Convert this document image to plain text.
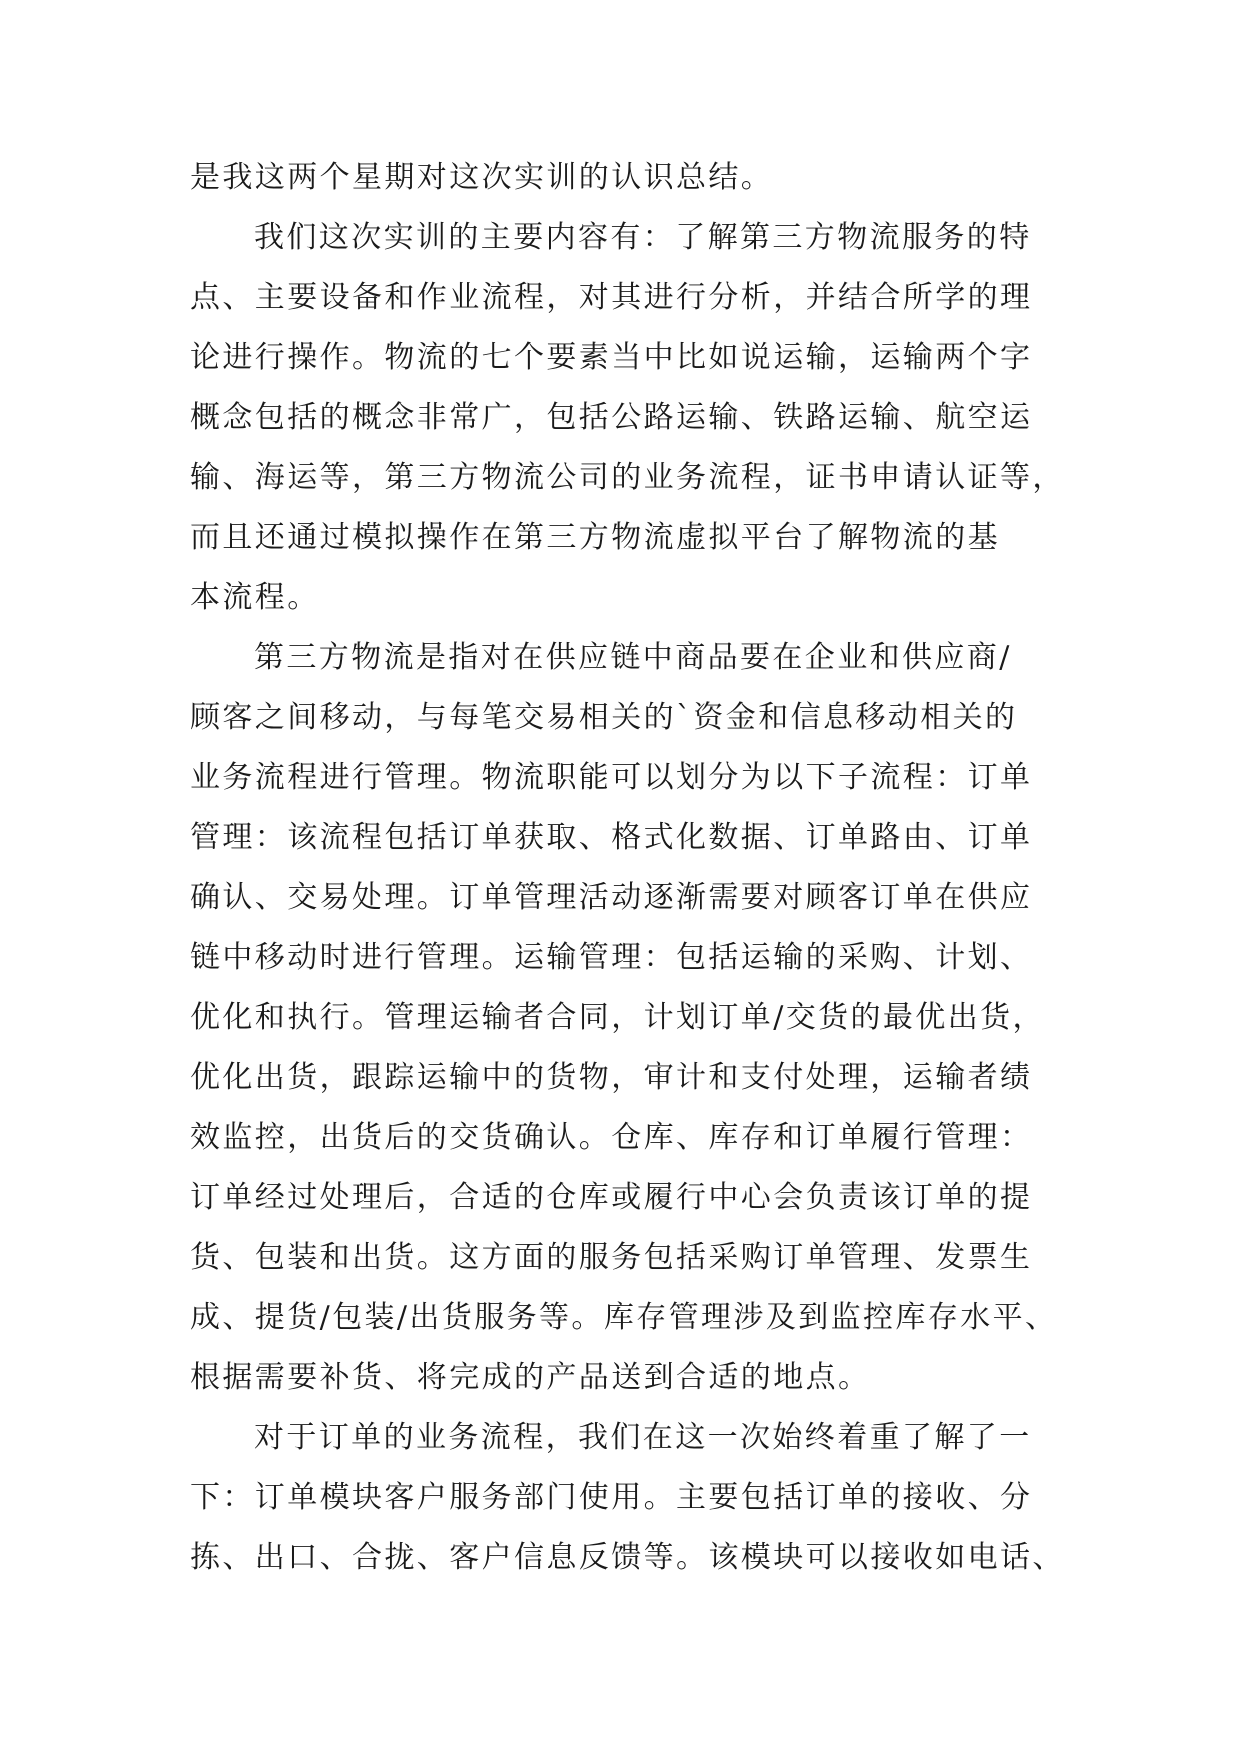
是我这两个星期对这次实训的认识总结。
我们这次实训的主要内容有：了解第三方物流服务的特
点、主要设备和作业流程，对其进行分析，并结合所学的理
论进行操作。物流的七个要素当中比如说运输，运输两个字
概念包括的概念非常广，包括公路运输、铁路运输、航空运
输、海运等，第三方物流公司的业务流程，证书申请认证等，
而且还通过模拟操作在第三方物流虚拟平台了解物流的基
本流程。
第三方物流是指对在供应链中商品要在企业和供应商/
顾客之间移动，与每笔交易相关的`资金和信息移动相关的
业务流程进行管理。物流职能可以划分为以下子流程：订单
管理：该流程包括订单获取、格式化数据、订单路由、订单
确认、交易处理。订单管理活动逐渐需要对顾客订单在供应
链中移动时进行管理。运输管理：包括运输的采购、计划、
优化和执行。管理运输者合同，计划订单/交货的最优出货，
优化出货，跟踪运输中的货物，审计和支付处理，运输者绩
效监控，出货后的交货确认。仓库、库存和订单履行管理：
订单经过处理后，合适的仓库或履行中心会负责该订单的提
货、包装和出货。这方面的服务包括采购订单管理、发票生
成、提货/包装/出货服务等。库存管理涉及到监控库存水平、
根据需要补货、将完成的产品送到合适的地点。
对于订单的业务流程，我们在这一次始终着重了解了一
下：订单模块客户服务部门使用。主要包括订单的接收、分
拣、出口、合拢、客户信息反馈等。该模块可以接收如电话、
